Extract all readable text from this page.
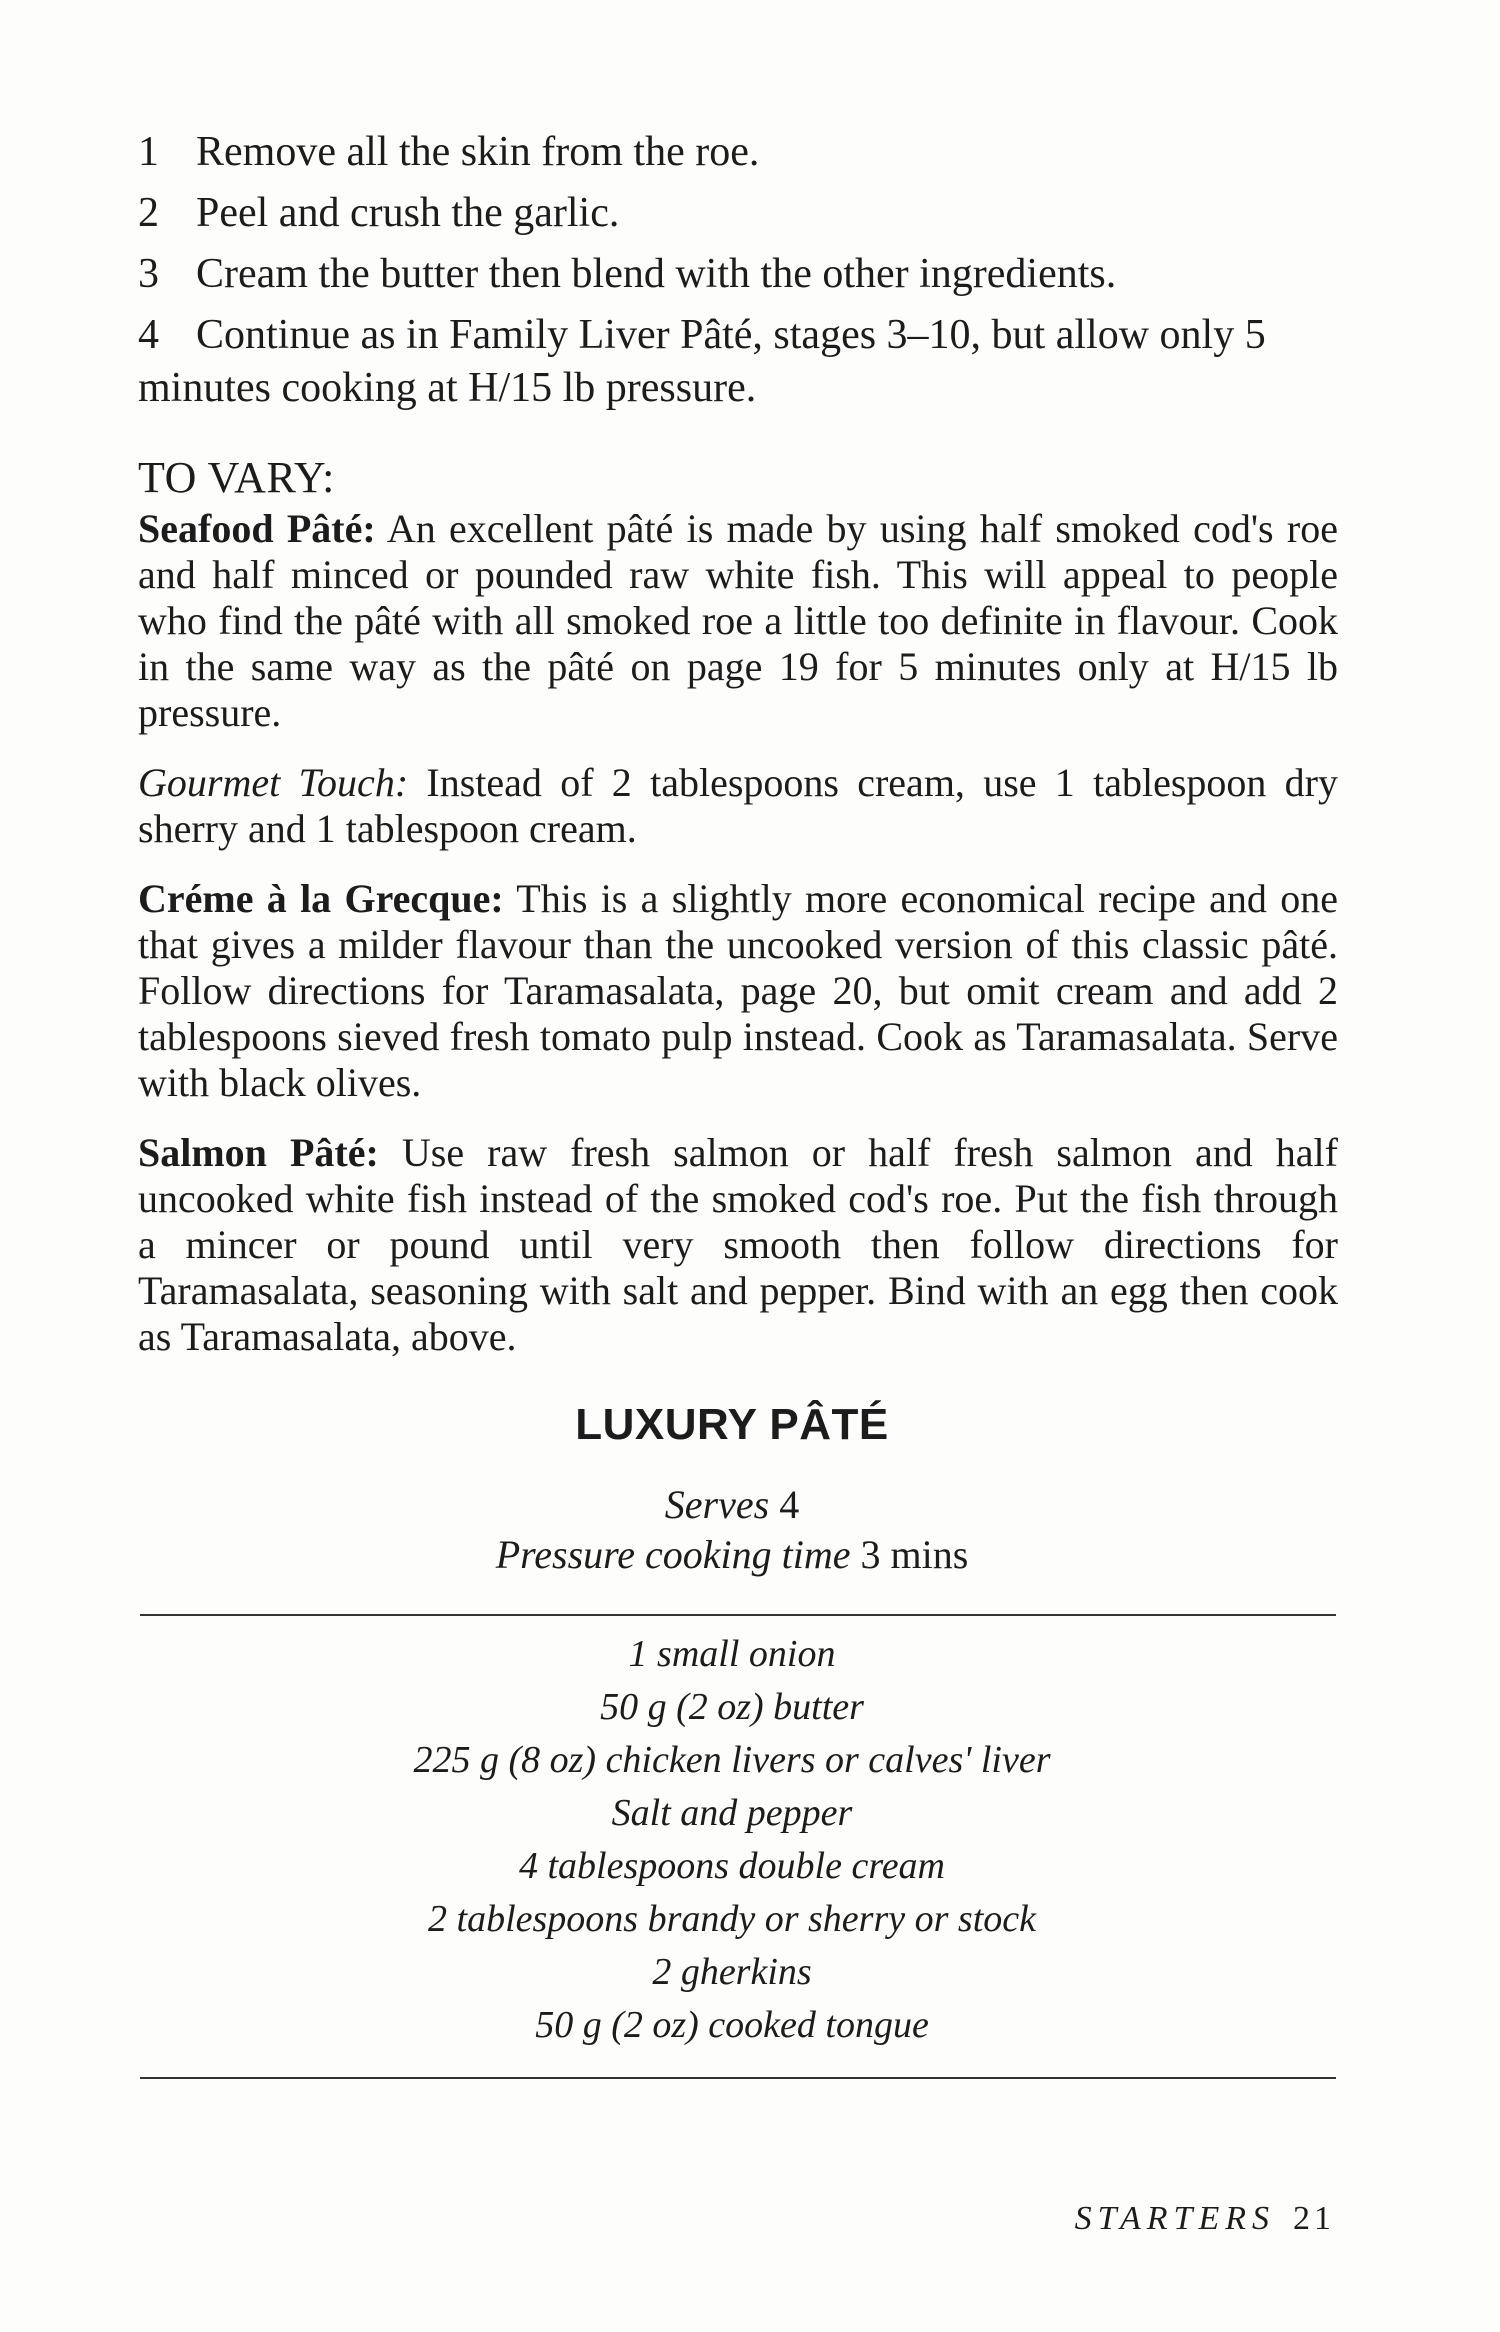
1 Remove all the skin from the roe.
2 Peel and crush the garlic.
3 Cream the butter then blend with the other ingredients.
4 Continue as in Family Liver Pâté, stages 3–10, but allow only 5 minutes cooking at H/15 lb pressure.
TO VARY:

Seafood Pâté: An excellent pâté is made by using half smoked cod's roe and half minced or pounded raw white fish. This will appeal to people who find the pâté with all smoked roe a little too definite in flavour. Cook in the same way as the pâté on page 19 for 5 minutes only at H/15 lb pressure.

Gourmet Touch: Instead of 2 tablespoons cream, use 1 tablespoon dry sherry and 1 tablespoon cream.

Créme à la Grecque: This is a slightly more economical recipe and one that gives a milder flavour than the uncooked version of this classic pâté. Follow directions for Taramasalata, page 20, but omit cream and add 2 tablespoons sieved fresh tomato pulp instead. Cook as Taramasalata. Serve with black olives.

Salmon Pâté: Use raw fresh salmon or half fresh salmon and half uncooked white fish instead of the smoked cod's roe. Put the fish through a mincer or pound until very smooth then follow directions for Taramasalata, seasoning with salt and pepper. Bind with an egg then cook as Taramasalata, above.

LUXURY PÂTÉ
Serves 4
Pressure cooking time 3 mins
1 small onion
50 g (2 oz) butter
225 g (8 oz) chicken livers or calves' liver
Salt and pepper
4 tablespoons double cream
2 tablespoons brandy or sherry or stock
2 gherkins
50 g (2 oz) cooked tongue
STARTERS 21
